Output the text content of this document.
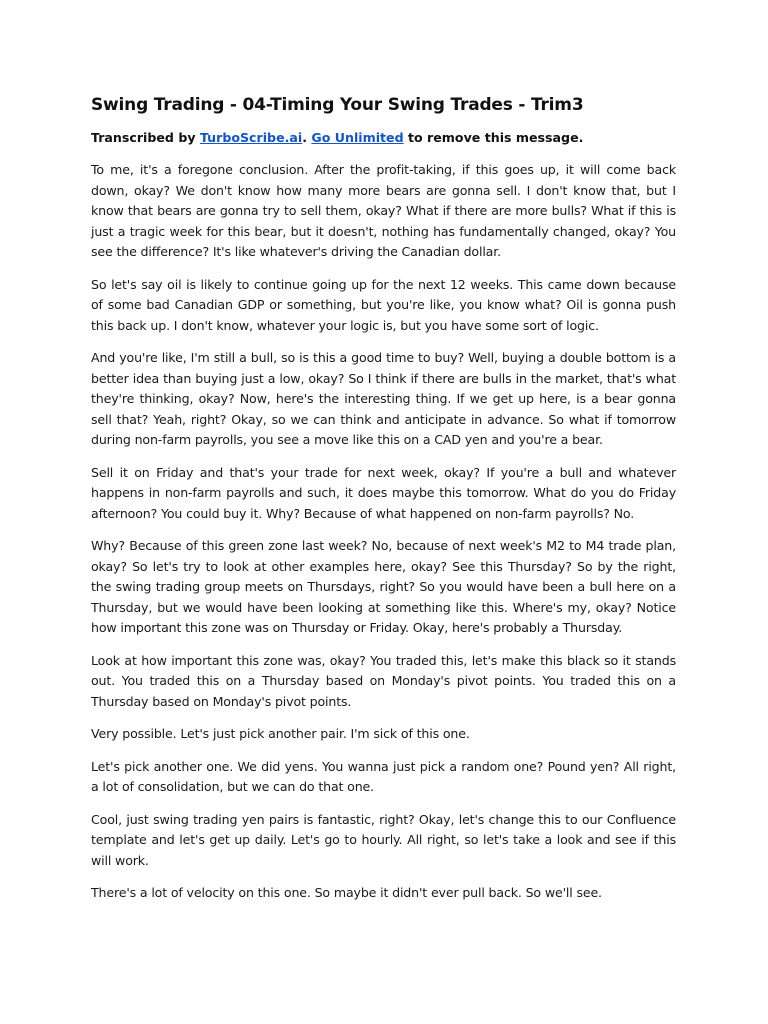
Swing Trading - 04-Timing Your Swing Trades - Trim3

Transcribed by TurboScribe.ai. Go Unlimited to remove this message.

To me, it's a foregone conclusion. After the profit-taking, if this goes up, it will come back down, okay? We don't know how many more bears are gonna sell. I don't know that, but I know that bears are gonna try to sell them, okay? What if there are more bulls? What if this is just a tragic week for this bear, but it doesn't, nothing has fundamentally changed, okay? You see the difference? It's like whatever's driving the Canadian dollar.

So let's say oil is likely to continue going up for the next 12 weeks. This came down because of some bad Canadian GDP or something, but you're like, you know what? Oil is gonna push this back up. I don't know, whatever your logic is, but you have some sort of logic.

And you're like, I'm still a bull, so is this a good time to buy? Well, buying a double bottom is a better idea than buying just a low, okay? So I think if there are bulls in the market, that's what they're thinking, okay? Now, here's the interesting thing. If we get up here, is a bear gonna sell that? Yeah, right? Okay, so we can think and anticipate in advance. So what if tomorrow during non-farm payrolls, you see a move like this on a CAD yen and you're a bear.

Sell it on Friday and that's your trade for next week, okay? If you're a bull and whatever happens in non-farm payrolls and such, it does maybe this tomorrow. What do you do Friday afternoon? You could buy it. Why? Because of what happened on non-farm payrolls? No.

Why? Because of this green zone last week? No, because of next week's M2 to M4 trade plan, okay? So let's try to look at other examples here, okay? See this Thursday? So by the right, the swing trading group meets on Thursdays, right? So you would have been a bull here on a Thursday, but we would have been looking at something like this. Where's my, okay? Notice how important this zone was on Thursday or Friday. Okay, here's probably a Thursday.

Look at how important this zone was, okay? You traded this, let's make this black so it stands out. You traded this on a Thursday based on Monday's pivot points. You traded this on a Thursday based on Monday's pivot points.

Very possible. Let's just pick another pair. I'm sick of this one.

Let's pick another one. We did yens. You wanna just pick a random one? Pound yen? All right, a lot of consolidation, but we can do that one.

Cool, just swing trading yen pairs is fantastic, right? Okay, let's change this to our Confluence template and let's get up daily. Let's go to hourly. All right, so let's take a look and see if this will work.

There's a lot of velocity on this one. So maybe it didn't ever pull back. So we'll see.
